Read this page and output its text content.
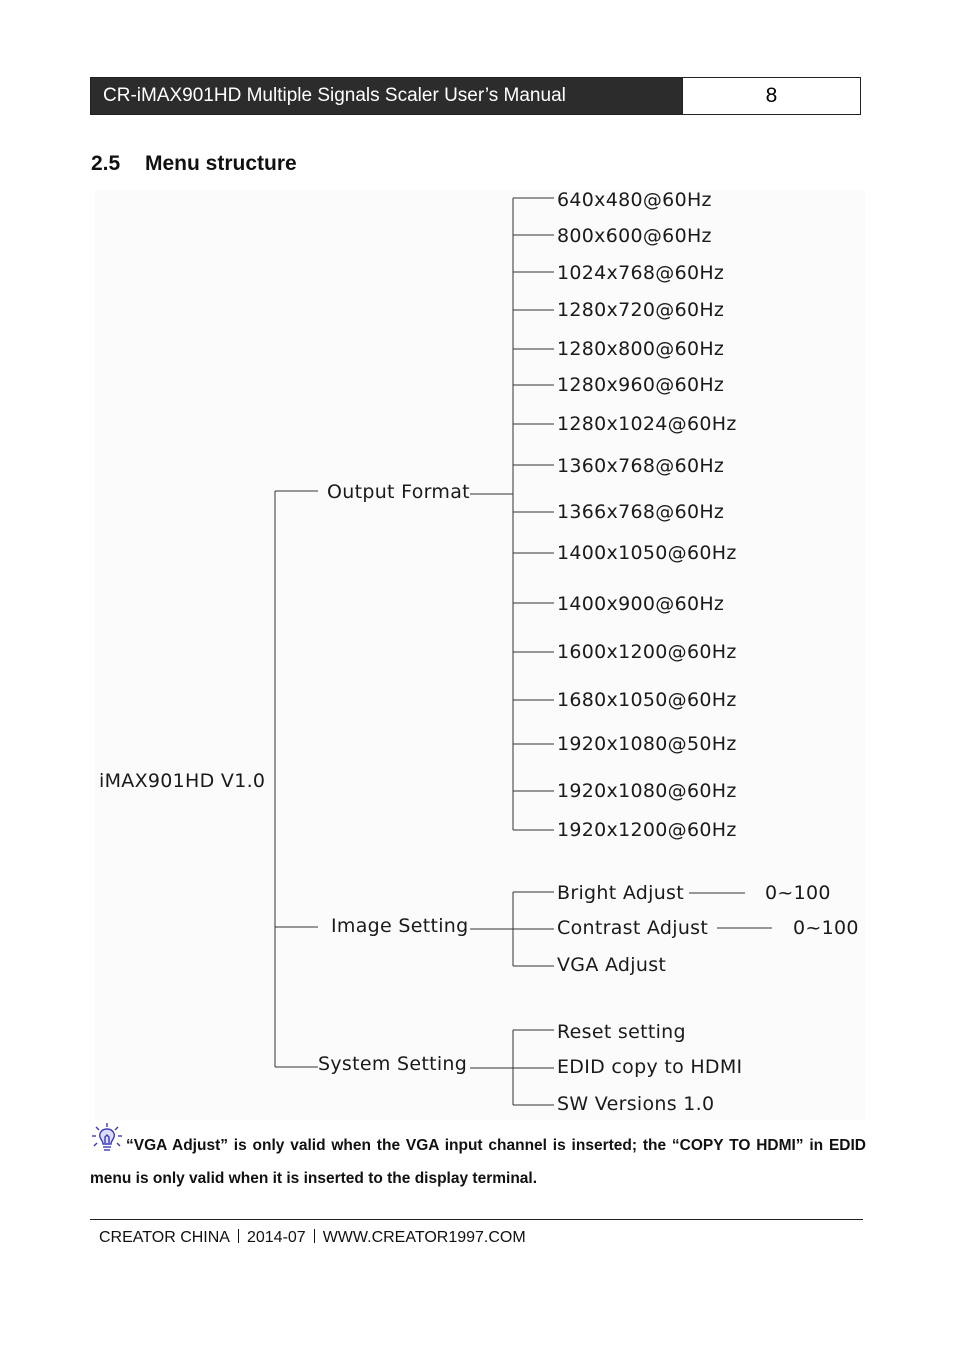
CR-iMAX901HD Multiple Signals Scaler User’s Manual	8
2.5 Menu structure
iMAX901HD V1.0
Output Format
Image Setting
System Setting
640x480@60Hz
800x600@60Hz
1024x768@60Hz
1280x720@60Hz
1280x800@60Hz
1280x960@60Hz
1280x1024@60Hz
1360x768@60Hz
1366x768@60Hz
1400x1050@60Hz
1400x900@60Hz
1600x1200@60Hz
1680x1050@60Hz
1920x1080@50Hz
1920x1080@60Hz
1920x1200@60Hz
Bright Adjust	0~100
Contrast Adjust	0~100
VGA Adjust
Reset setting
EDID copy to HDMI
SW Versions 1.0
“VGA Adjust” is only valid when the VGA input channel is inserted; the “COPY TO HDMI” in EDID menu is only valid when it is inserted to the display terminal.
CREATOR CHINA 2014-07 WWW.CREATOR1997.COM
